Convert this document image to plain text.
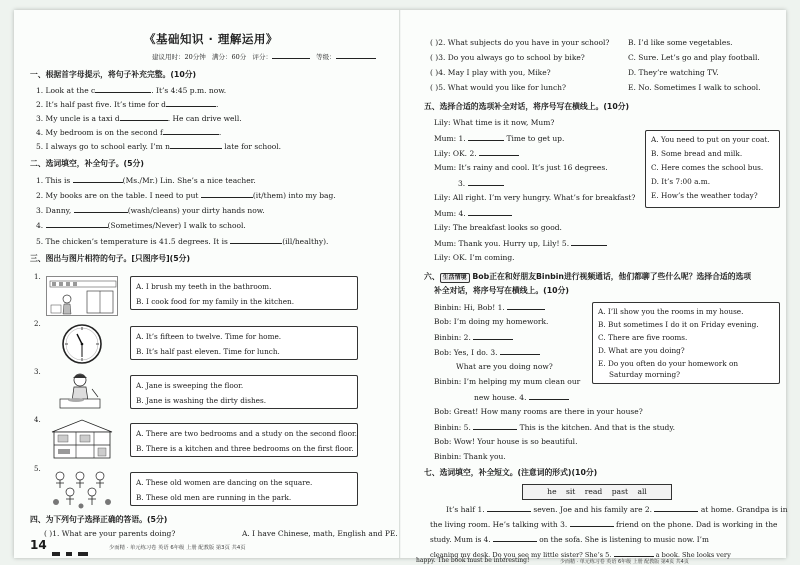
《基础知识 · 理解运用》
建议用时：20分钟 满分：60分 评分：	等级：
一、根据首字母提示，将句子补充完整。(10分)
1. Look at the c	. It’s 4:45 p.m. now.
2. It’s half past five. It’s time for d	.
3. My uncle is a taxi d	. He can drive well.
4. My bedroom is on the second f	.
5. I always go to school early. I’m n	late for school.
二、选词填空，补全句子。(5分)
1. This is	(Ms./Mr.) Lin. She’s a nice teacher.
2. My books are on the table. I need to put	(it/them) into my bag.
3. Danny,	(wash/cleans) your dirty hands now.
4.	(Sometimes/Never) I walk to school.
5. The chicken’s temperature is 41.5 degrees. It is	(ill/healthy).
三、图出与图片相符的句子。[只图序号](5分)
1.
A. I brush my teeth in the bathroom.
B. I cook food for my family in the kitchen.
2.
A. It’s fifteen to twelve. Time for home.
B. It’s half past eleven. Time for lunch.
3.
A. Jane is sweeping the floor.
B. Jane is washing the dirty dishes.
4.
A. There are two bedrooms and a study on the second floor.
B. There is a kitchen and three bedrooms on the first floor.
5.
A. These old women are dancing on the square.
B. These old men are running in the park.
四、为下列句子选择正确的答语。(5分)
( )1. What are your parents doing?	A. I have Chinese, math, English and PE.
14	少而精 · 单元练习卷 英语 6年级 上册 配教版 第3页 共4页
( )2. What subjects do you have in your school? B. I’d like some vegetables.
( )3. Do you always go to school by bike?	C. Sure. Let’s go and play football.
( )4. May I play with you, Mike?	D. They’re watching TV.
( )5. What would you like for lunch?	E. No. Sometimes I walk to school.
五、选择合适的选项补全对话，将序号写在横线上。(10分)
Lily: What time is it now, Mum?
Mum: 1.	Time to get up.
Lily: OK. 2.
Mum: It’s rainy and cool. It’s just 16 degrees.
3.
Lily: All right. I’m very hungry. What’s for breakfast?
Mum: 4.
Lily: The breakfast looks so good.
Mum: Thank you. Hurry up, Lily! 5.
Lily: OK. I’m coming.
A. You need to put on your coat.
B. Some bread and milk.
C. Here comes the school bus.
D. It’s 7:00 a.m.
E. How’s the weather today?
六、 生活情境 Bob正在和好朋友Binbin进行视频通话，他们都聊了些什么呢？选择合适的选项
补全对话，将序号写在横线上。(10分)
Binbin: Hi, Bob! 1.
Bob: I’m doing my homework.
Binbin: 2.
Bob: Yes, I do. 3.
What are you doing now?
Binbin: I’m helping my mum clean our
new house. 4.
Bob: Great! How many rooms are there in your house?
Binbin: 5.	This is the kitchen. And that is the study.
Bob: Wow! Your house is so beautiful.
Binbin: Thank you.
A. I’ll show you the rooms in my house.
B. But sometimes I do it on Friday evening.
C. There are five rooms.
D. What are you doing?
E. Do you often do your homework on
Saturday morning?
七、选词填空，补全短文。(注意词的形式)(10分)
he sit read past all
It’s half 1.	seven. Joe and his family are 2.	at home. Grandpa is in
the living room. He’s talking with 3.	friend on the phone. Dad is working in the
study. Mum is 4.	on the sofa. She is listening to music now. I’m
cleaning my desk. Do you see my little sister? She’s 5.	a book. She looks very
happy. The book must be interesting!	少而精 · 单元练习卷 英语 6年级 上册 配教版 第4页 共4页
